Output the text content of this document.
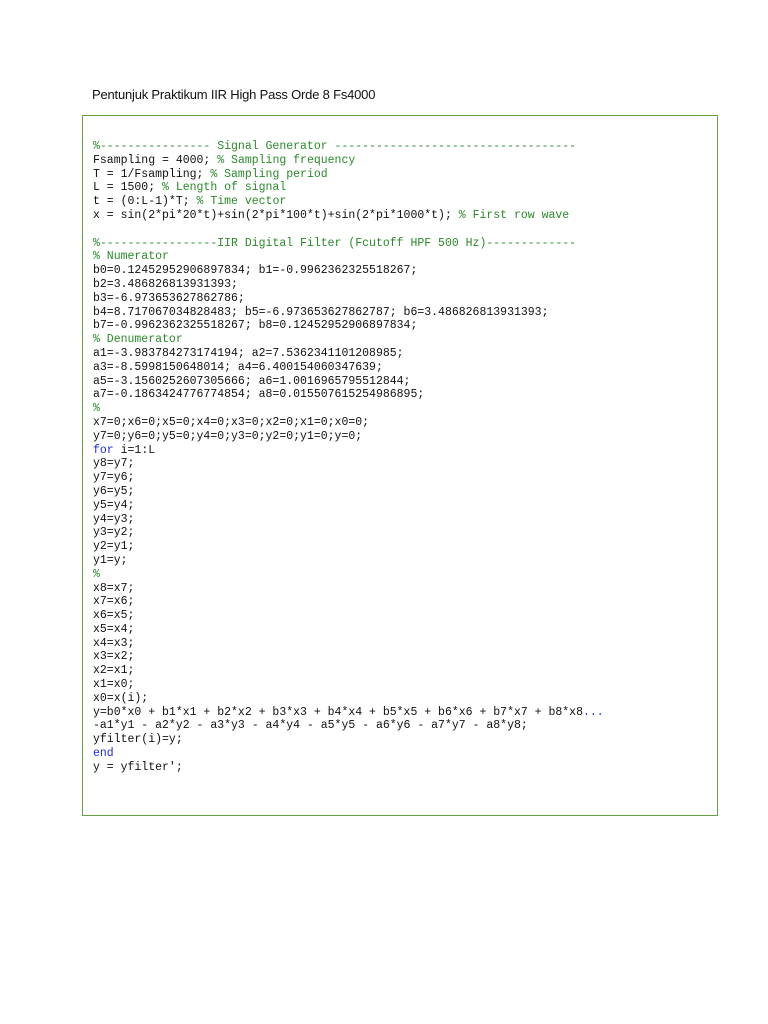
Pentunjuk Praktikum IIR High Pass Orde 8 Fs4000
%---------------- Signal Generator -----------------------------------
Fsampling = 4000; % Sampling frequency
T = 1/Fsampling; % Sampling period
L = 1500; % Length of signal
t = (0:L-1)*T; % Time vector
x = sin(2*pi*20*t)+sin(2*pi*100*t)+sin(2*pi*1000*t); % First row wave

%-----------------IIR Digital Filter (Fcutoff HPF 500 Hz)-------------
% Numerator
b0=0.12452952906897834; b1=-0.9962362325518267;
b2=3.486826813931393;
b3=-6.973653627862786;
b4=8.717067034828483; b5=-6.973653627862787; b6=3.486826813931393;
b7=-0.9962362325518267; b8=0.12452952906897834;
% Denumerator
a1=-3.983784273174194; a2=7.5362341101208985;
a3=-8.5998150648014; a4=6.400154060347639;
a5=-3.1560252607305666; a6=1.0016965795512844;
a7=-0.1863424776774854; a8=0.015507615254986895;
%
x7=0;x6=0;x5=0;x4=0;x3=0;x2=0;x1=0;x0=0;
y7=0;y6=0;y5=0;y4=0;y3=0;y2=0;y1=0;y=0;
for i=1:L
y8=y7;
y7=y6;
y6=y5;
y5=y4;
y4=y3;
y3=y2;
y2=y1;
y1=y;
%
x8=x7;
x7=x6;
x6=x5;
x5=x4;
x4=x3;
x3=x2;
x2=x1;
x1=x0;
x0=x(i);
y=b0*x0 + b1*x1 + b2*x2 + b3*x3 + b4*x4 + b5*x5 + b6*x6 + b7*x7 + b8*x8...
-a1*y1 - a2*y2 - a3*y3 - a4*y4 - a5*y5 - a6*y6 - a7*y7 - a8*y8;
yfilter(i)=y;
end
y = yfilter';
